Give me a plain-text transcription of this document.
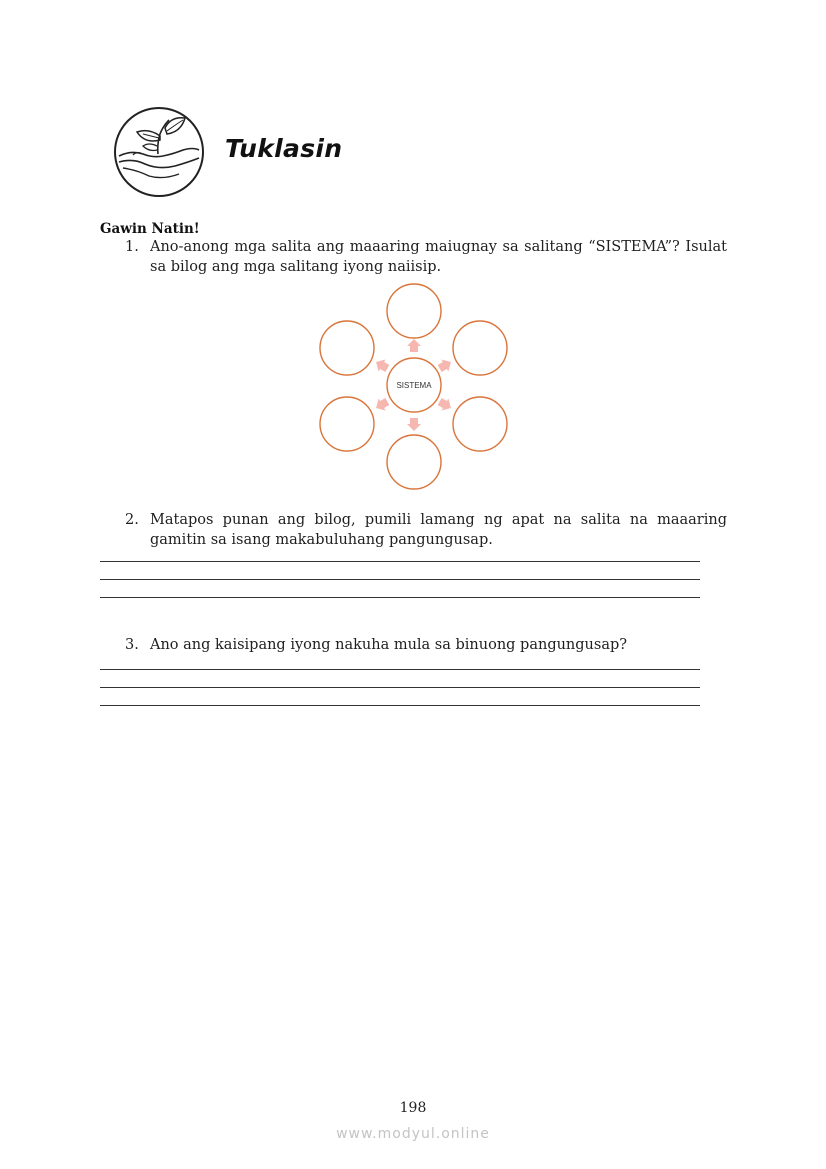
Tuklasin
Gawin Natin!
1. Ano-anong mga salita ang maaaring maiugnay sa salitang “SISTEMA”? Isulat sa bilog ang mga salitang iyong naiisip.
SISTEMA
2. Matapos punan ang bilog, pumili lamang ng apat na salita na maaaring gamitin sa isang makabuluhang pangungusap.
3. Ano ang kaisipang iyong nakuha mula sa binuong pangungusap?
198
www.modyul.online
